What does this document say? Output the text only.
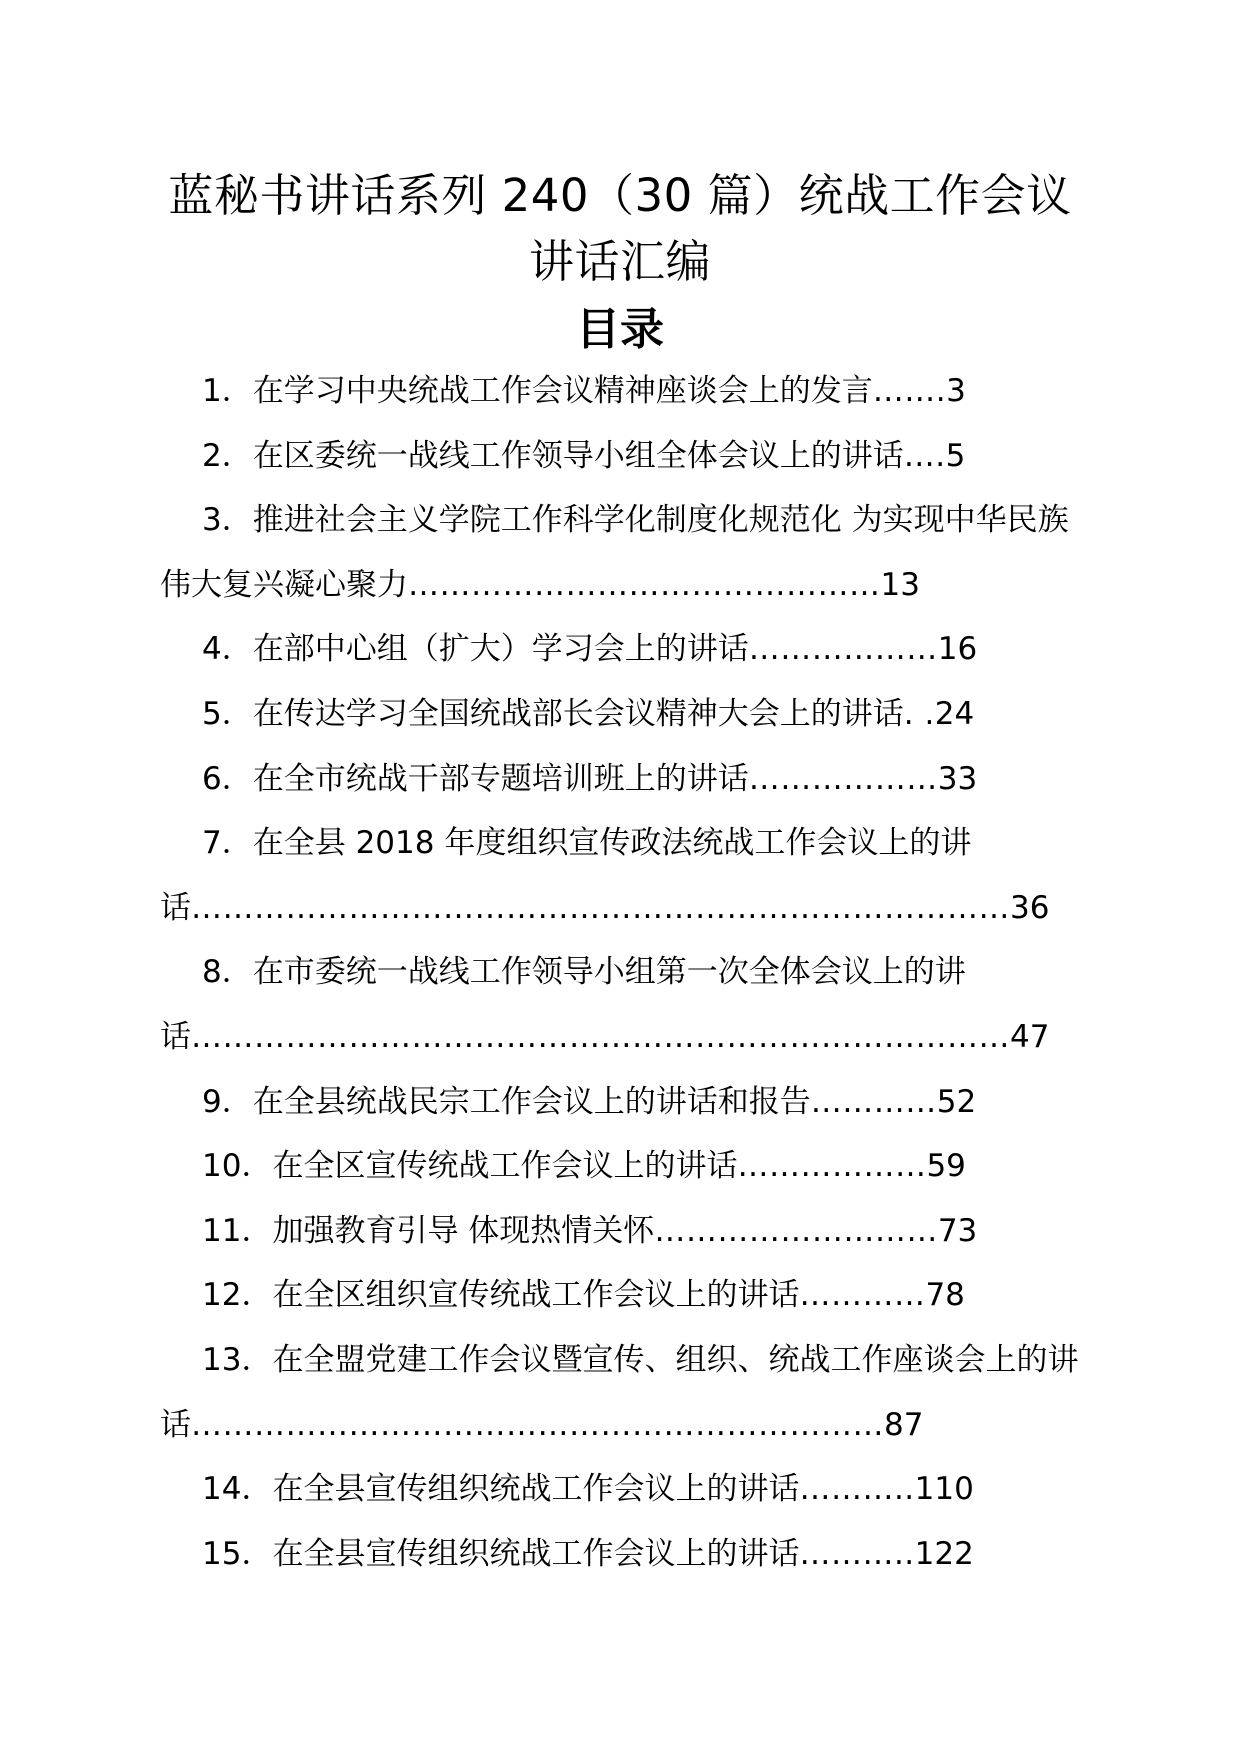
蓝秘书讲话系列 240（30 篇）统战工作会议讲话汇编
目录
1．在学习中央统战工作会议精神座谈会上的发言…….3
2．在区委统一战线工作领导小组全体会议上的讲话….5
3．推进社会主义学院工作科学化制度化规范化 为实现中华民族伟大复兴凝心聚力………………………………………13
4．在部中心组（扩大）学习会上的讲话………………16
5．在传达学习全国统战部长会议精神大会上的讲话. .24
6．在全市统战干部专题培训班上的讲话………………33
7．在全县 2018 年度组织宣传政法统战工作会议上的讲话……………………………………………………………………36
8．在市委统一战线工作领导小组第一次全体会议上的讲话……………………………………………………………………47
9．在全县统战民宗工作会议上的讲话和报告…………52
10．在全区宣传统战工作会议上的讲话………………59
11．加强教育引导 体现热情关怀………………………73
12．在全区组织宣传统战工作会议上的讲话…………78
13．在全盟党建工作会议暨宣传、组织、统战工作座谈会上的讲话…………………………………………………………87
14．在全县宣传组织统战工作会议上的讲话………..110
15．在全县宣传组织统战工作会议上的讲话………..122
